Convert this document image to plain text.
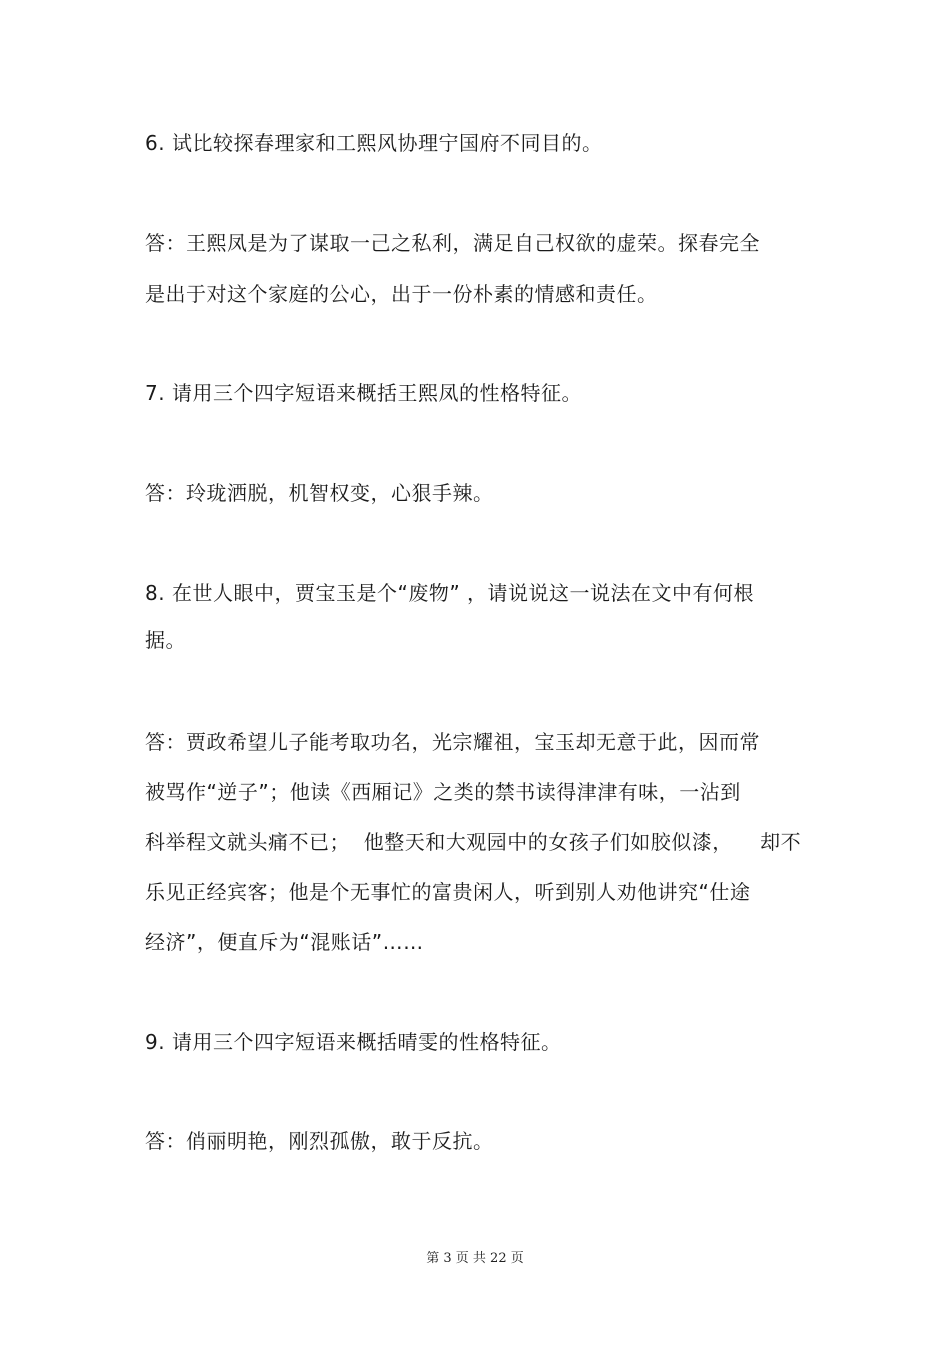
6. 试比较探春理家和工熙风协理宁国府不同目的。
答：王熙凤是为了谋取一己之私利，满足自己权欲的虚荣。探春完全
是出于对这个家庭的公心，出于一份朴素的情感和责任。
7. 请用三个四字短语来概括王熙凤的性格特征。
答：玲珑洒脱，机智权变，心狠手辣。
8. 在世人眼中，贾宝玉是个“废物” ，请说说这一说法在文中有何根
据。
答：贾政希望儿子能考取功名，光宗耀祖，宝玉却无意于此，因而常
被骂作“逆子”；他读《西厢记》之类的禁书读得津津有味，一沾到
科举程文就头痛不已；  他整天和大观园中的女孩子们如胶似漆，    却不
乐见正经宾客；他是个无事忙的富贵闲人，听到别人劝他讲究“仕途
经济”，便直斥为“混账话”……
9. 请用三个四字短语来概括晴雯的性格特征。
答：俏丽明艳，刚烈孤傲，敢于反抗。
第 3 页 共 22 页
